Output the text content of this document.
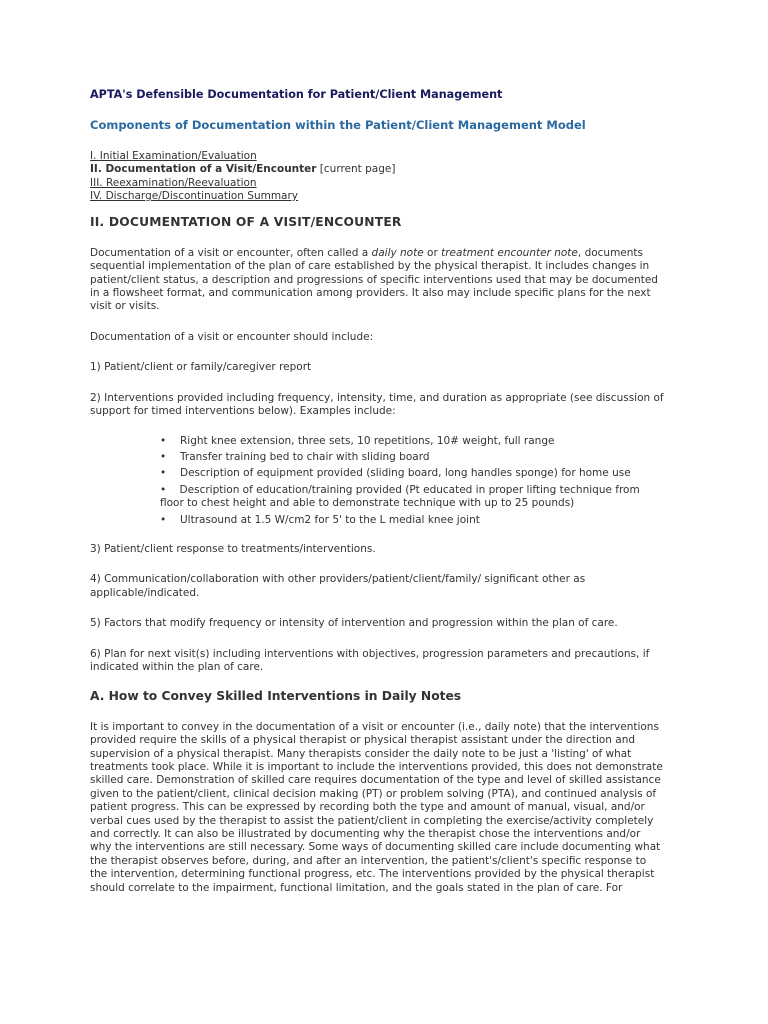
APTA's Defensible Documentation for Patient/Client Management
Components of Documentation within the Patient/Client Management Model
I. Initial Examination/Evaluation
II. Documentation of a Visit/Encounter [current page]
III. Reexamination/Reevaluation
IV. Discharge/Discontinuation Summary
II. DOCUMENTATION OF A VISIT/ENCOUNTER

Documentation of a visit or encounter, often called a daily note or treatment encounter note, documents sequential implementation of the plan of care established by the physical therapist. It includes changes in patient/client status, a description and progressions of specific interventions used that may be documented in a flowsheet format, and communication among providers. It also may include specific plans for the next visit or visits.

Documentation of a visit or encounter should include:

1) Patient/client or family/caregiver report

2) Interventions provided including frequency, intensity, time, and duration as appropriate (see discussion of support for timed interventions below). Examples include:

• Right knee extension, three sets, 10 repetitions, 10# weight, full range
• Transfer training bed to chair with sliding board
• Description of equipment provided (sliding board, long handles sponge) for home use
•    Description of education/training provided (Pt educated in proper lifting technique from floor to chest height and able to demonstrate technique with up to 25 pounds)
• Ultrasound at 1.5 W/cm2 for 5' to the L medial knee joint

3) Patient/client response to treatments/interventions.

4) Communication/collaboration with other providers/patient/client/family/ significant other as applicable/indicated.

5) Factors that modify frequency or intensity of intervention and progression within the plan of care.

6) Plan for next visit(s) including interventions with objectives, progression parameters and precautions, if indicated within the plan of care.

A. How to Convey Skilled Interventions in Daily Notes

It is important to convey in the documentation of a visit or encounter (i.e., daily note) that the interventions provided require the skills of a physical therapist or physical therapist assistant under the direction and supervision of a physical therapist. Many therapists consider the daily note to be just a 'listing' of what treatments took place. While it is important to include the interventions provided, this does not demonstrate skilled care. Demonstration of skilled care requires documentation of the type and level of skilled assistance given to the patient/client, clinical decision making (PT) or problem solving (PTA), and continued analysis of patient progress. This can be expressed by recording both the type and amount of manual, visual, and/or verbal cues used by the therapist to assist the patient/client in completing the exercise/activity completely and correctly. It can also be illustrated by documenting why the therapist chose the interventions and/or why the interventions are still necessary. Some ways of documenting skilled care include documenting what the therapist observes before, during, and after an intervention, the patient's/client's specific response to the intervention, determining functional progress, etc. The interventions provided by the physical therapist should correlate to the impairment, functional limitation, and the goals stated in the plan of care. For
